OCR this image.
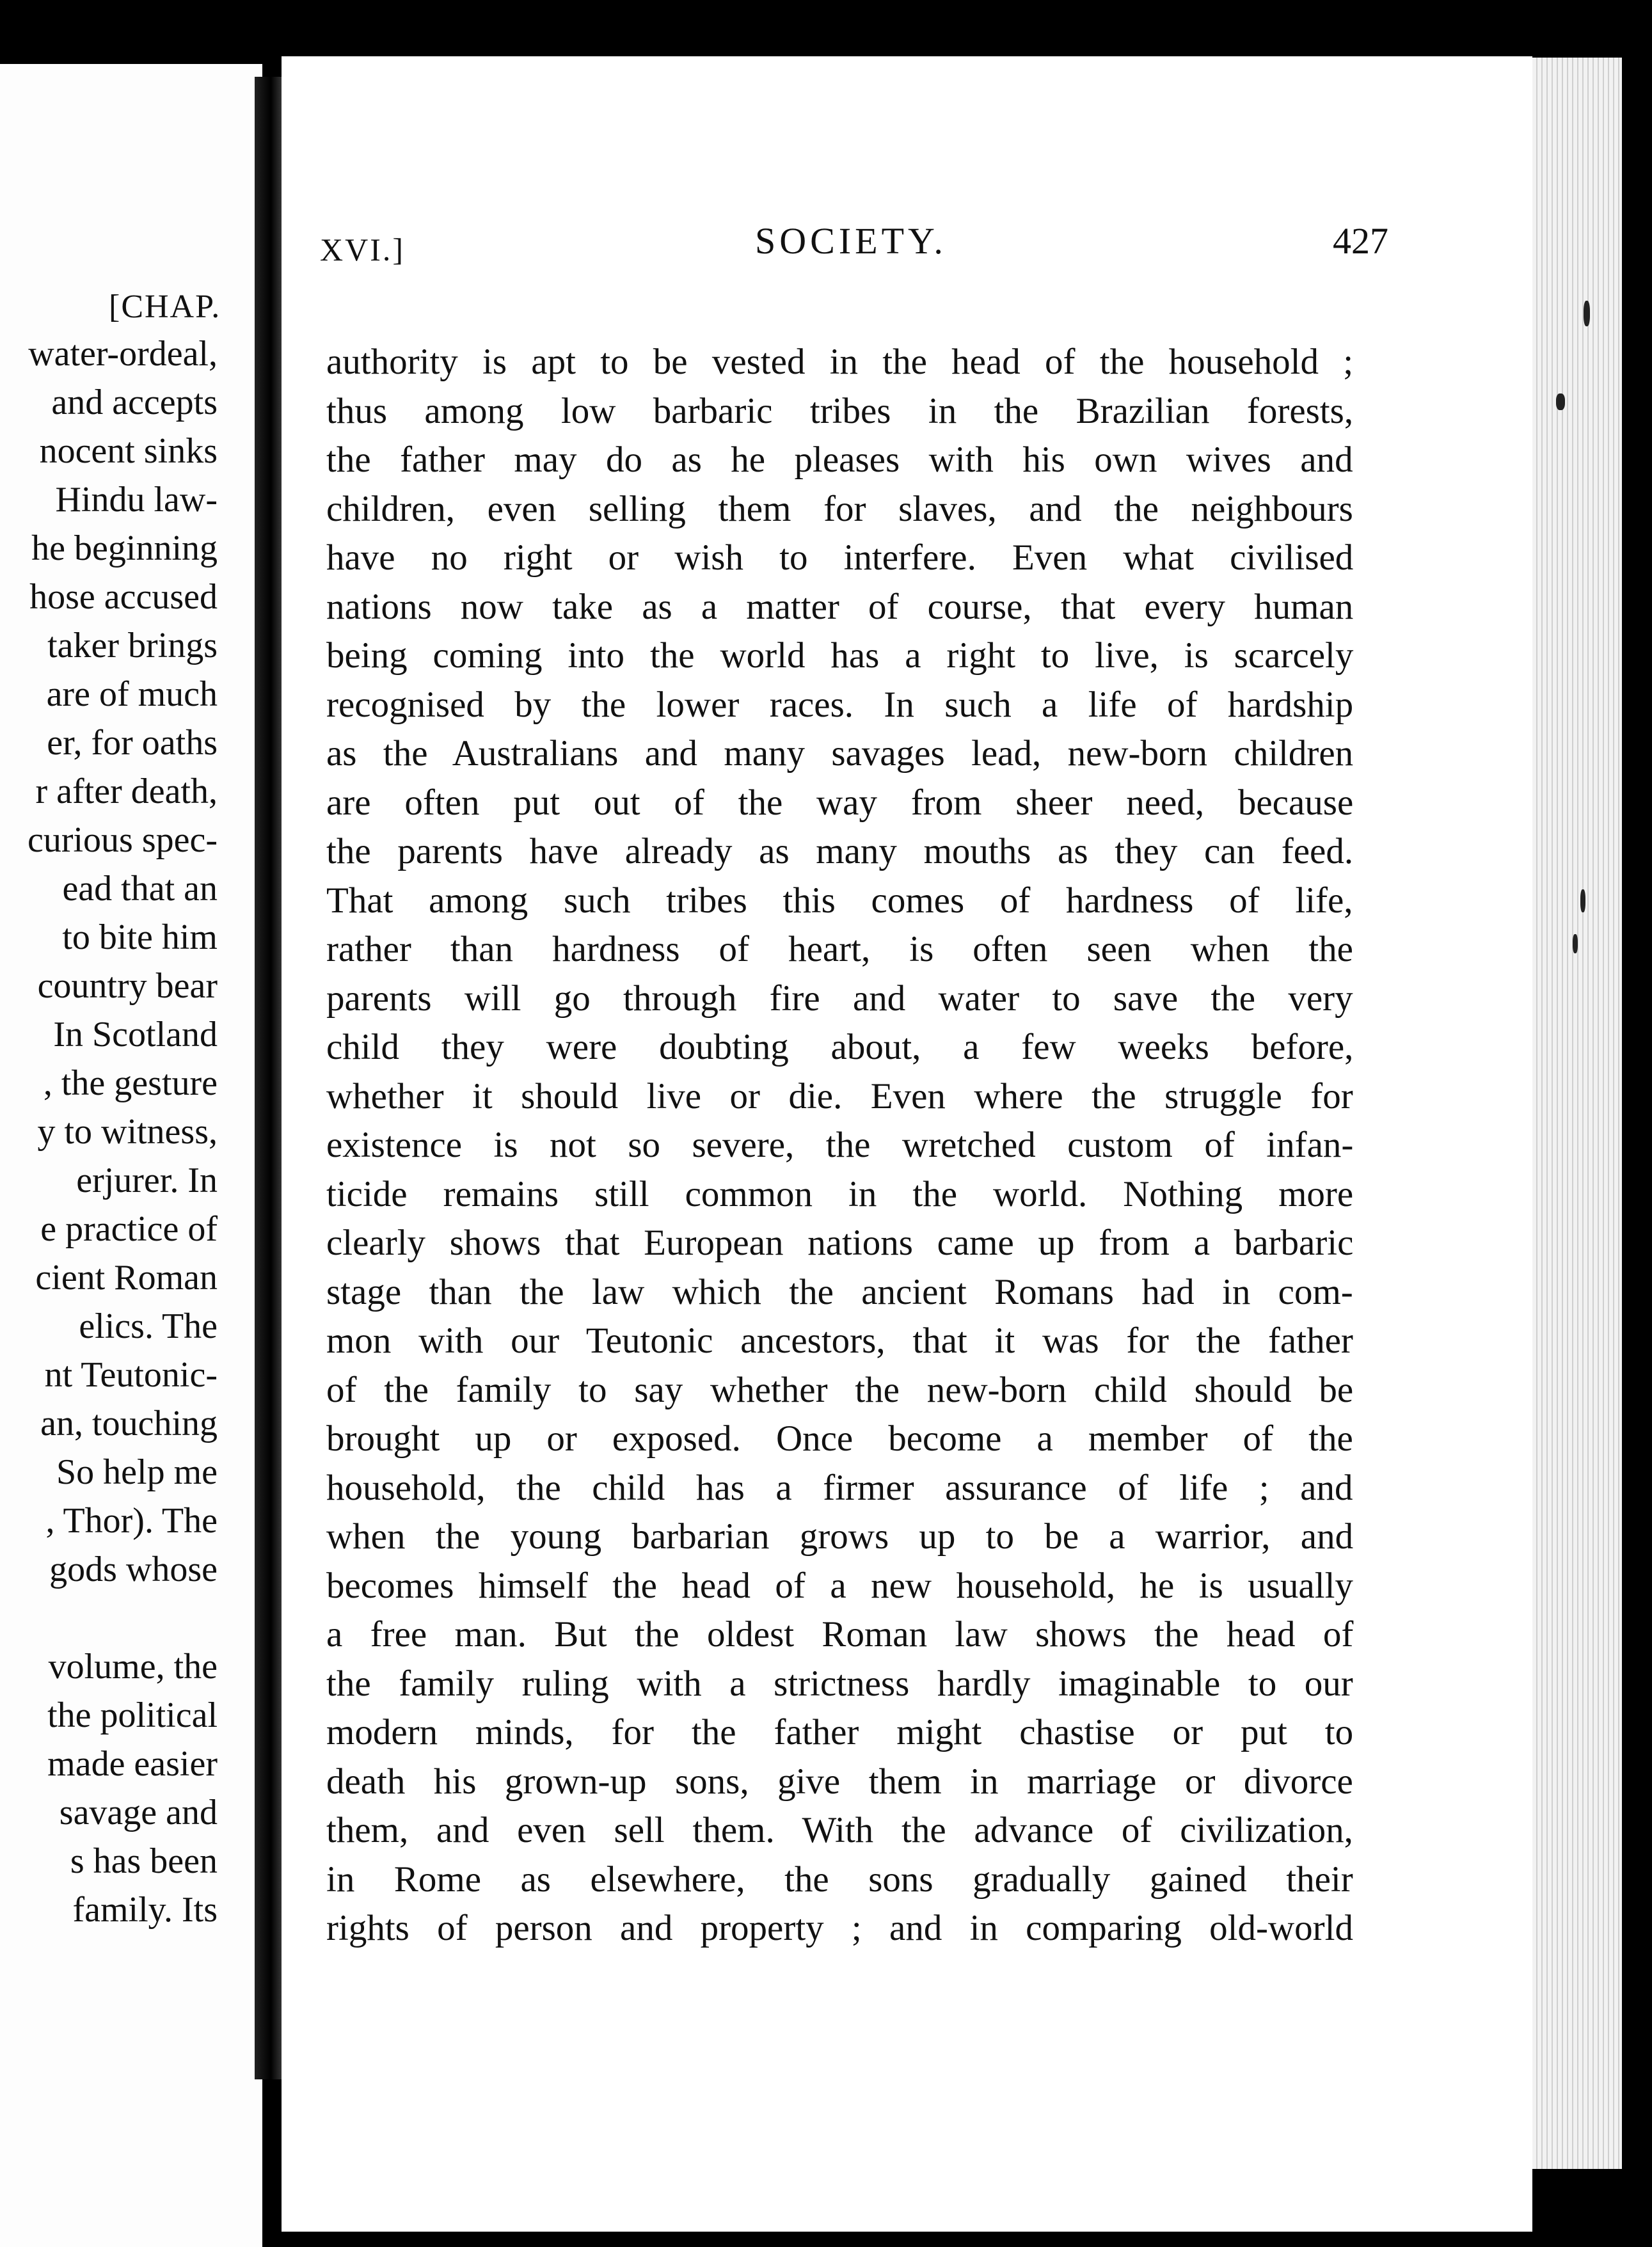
[CHAP.
water-ordeal,
and accepts
nocent sinks
Hindu law-
he beginning
hose accused
taker brings
are of much
er, for oaths
r after death,
curious spec-
ead that an
to bite him
country bear
In Scotland
, the gesture
y to witness,
erjurer. In
e practice of
cient Roman
elics. The
nt Teutonic-
an, touching
So help me
, Thor). The
gods whose
volume, the
the political
made easier
savage and
s has been
family. Its
XVI.]	SOCIETY.	427
authority is apt to be vested in the head of the household ;
thus among low barbaric tribes in the Brazilian forests,
the father may do as he pleases with his own wives and
children, even selling them for slaves, and the neighbours
have no right or wish to interfere. Even what civilised
nations now take as a matter of course, that every human
being coming into the world has a right to live, is scarcely
recognised by the lower races. In such a life of hardship
as the Australians and many savages lead, new-born children
are often put out of the way from sheer need, because
the parents have already as many mouths as they can feed.
That among such tribes this comes of hardness of life,
rather than hardness of heart, is often seen when the
parents will go through fire and water to save the very
child they were doubting about, a few weeks before,
whether it should live or die. Even where the struggle for
existence is not so severe, the wretched custom of infan-
ticide remains still common in the world. Nothing more
clearly shows that European nations came up from a barbaric
stage than the law which the ancient Romans had in com-
mon with our Teutonic ancestors, that it was for the father
of the family to say whether the new-born child should be
brought up or exposed. Once become a member of the
household, the child has a firmer assurance of life ; and
when the young barbarian grows up to be a warrior, and
becomes himself the head of a new household, he is usually
a free man. But the oldest Roman law shows the head of
the family ruling with a strictness hardly imaginable to our
modern minds, for the father might chastise or put to
death his grown-up sons, give them in marriage or divorce
them, and even sell them. With the advance of civilization,
in Rome as elsewhere, the sons gradually gained their
rights of person and property ; and in comparing old-world
